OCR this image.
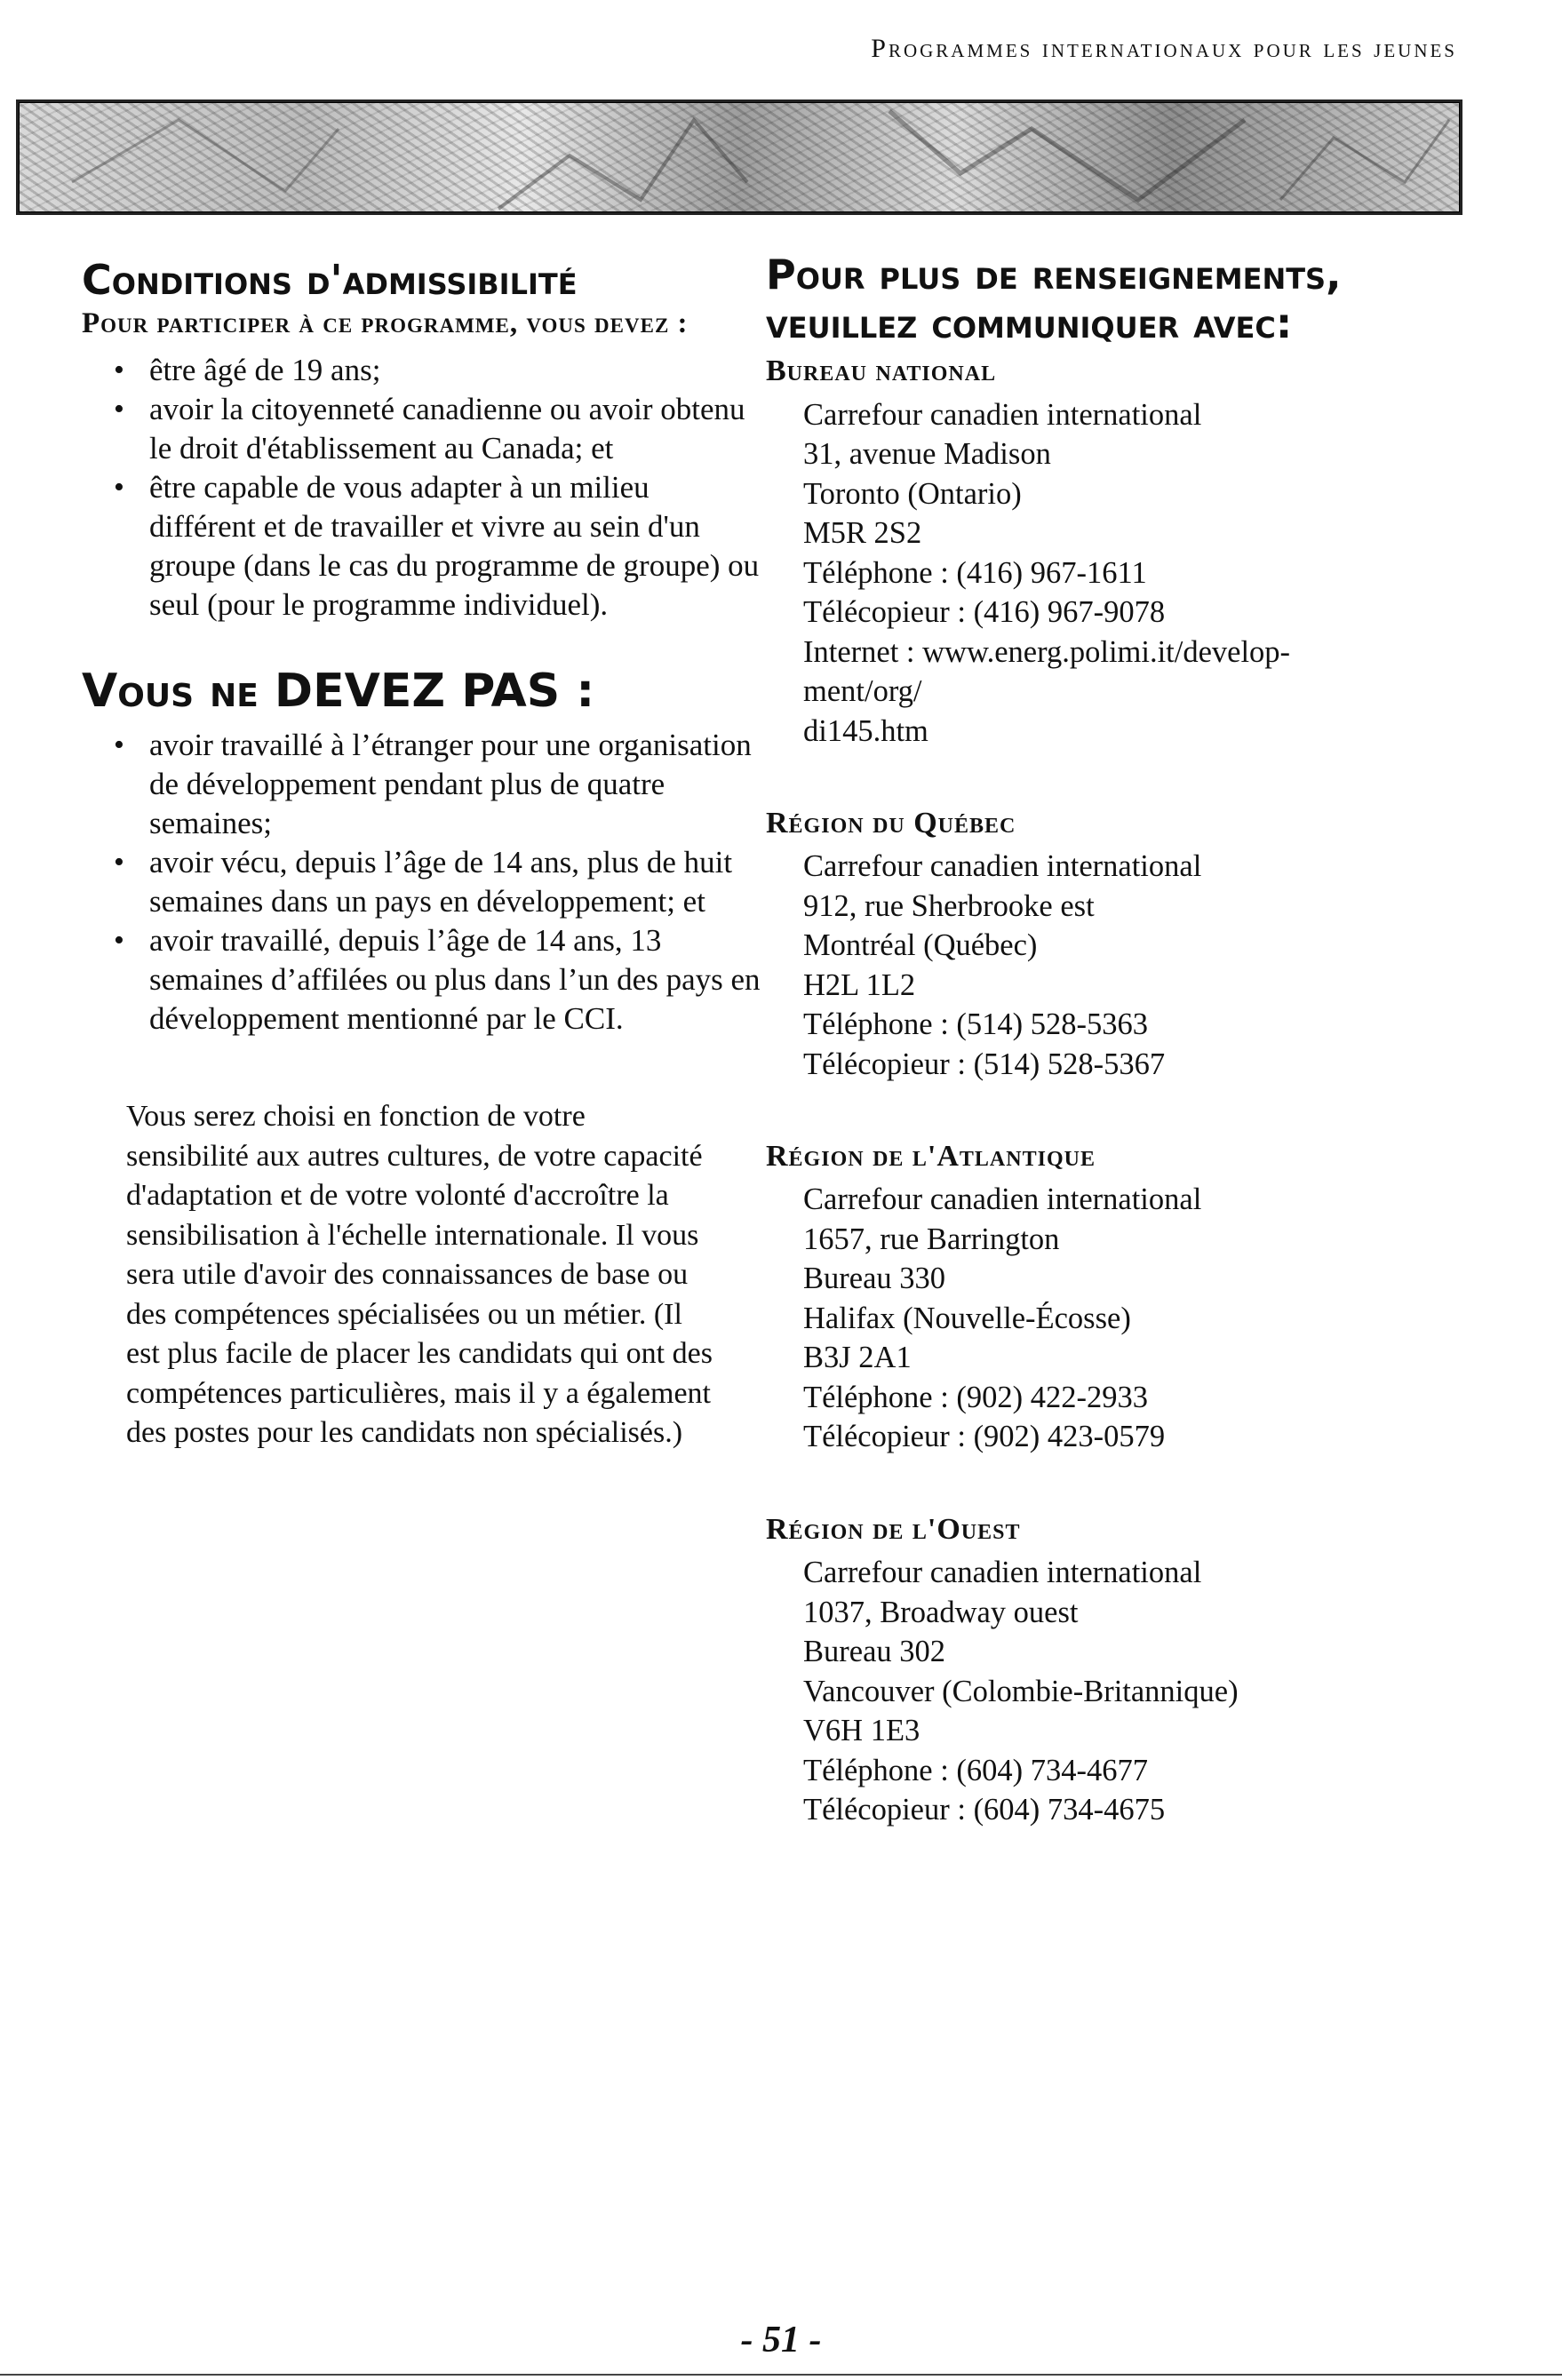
Programmes internationaux pour les jeunes
Conditions d'admissibilité

Pour participer à ce programme, vous devez :

• être âgé de 19 ans;
• avoir la citoyenneté canadienne ou avoir obtenu le droit d'établissement au Canada; et
• être capable de vous adapter à un milieu différent et de travailler et vivre au sein d'un groupe (dans le cas du programme de groupe) ou seul (pour le programme individuel).
Vous ne DEVEZ PAS :
• avoir travaillé à l’étranger pour une organisation de développement pendant plus de quatre semaines;
• avoir vécu, depuis l’âge de 14 ans, plus de huit semaines dans un pays en développement; et
• avoir travaillé, depuis l’âge de 14 ans, 13 semaines d’affilées ou plus dans l’un des pays en développement mentionné par le CCI.

Vous serez choisi en fonction de votre sensibilité aux autres cultures, de votre capacité d'adaptation et de votre volonté d'accroître la sensibilisation à l'échelle internationale. Il vous sera utile d'avoir des connaissances de base ou des compétences spécialisées ou un métier. (Il est plus facile de placer les candidats qui ont des compétences particulières, mais il y a également des postes pour les candidats non spécialisés.)

Pour plus de renseignements,
veuillez communiquer avec:

Bureau national

Carrefour canadien international
31, avenue Madison
Toronto (Ontario)
M5R 2S2
Téléphone : (416) 967-1611
Télécopieur : (416) 967-9078
Internet : www.energ.polimi.it/develop-
ment/org/
di145.htm

Région du Québec

Carrefour canadien international
912, rue Sherbrooke est
Montréal (Québec)
H2L 1L2
Téléphone : (514) 528-5363
Télécopieur : (514) 528-5367

Région de l'Atlantique

Carrefour canadien international
1657, rue Barrington
Bureau 330
Halifax (Nouvelle-Écosse)
B3J 2A1
Téléphone : (902) 422-2933
Télécopieur : (902) 423-0579

Région de l'Ouest

Carrefour canadien international
1037, Broadway ouest
Bureau 302
Vancouver (Colombie-Britannique)
V6H 1E3
Téléphone : (604) 734-4677
Télécopieur : (604) 734-4675
- 51 -
